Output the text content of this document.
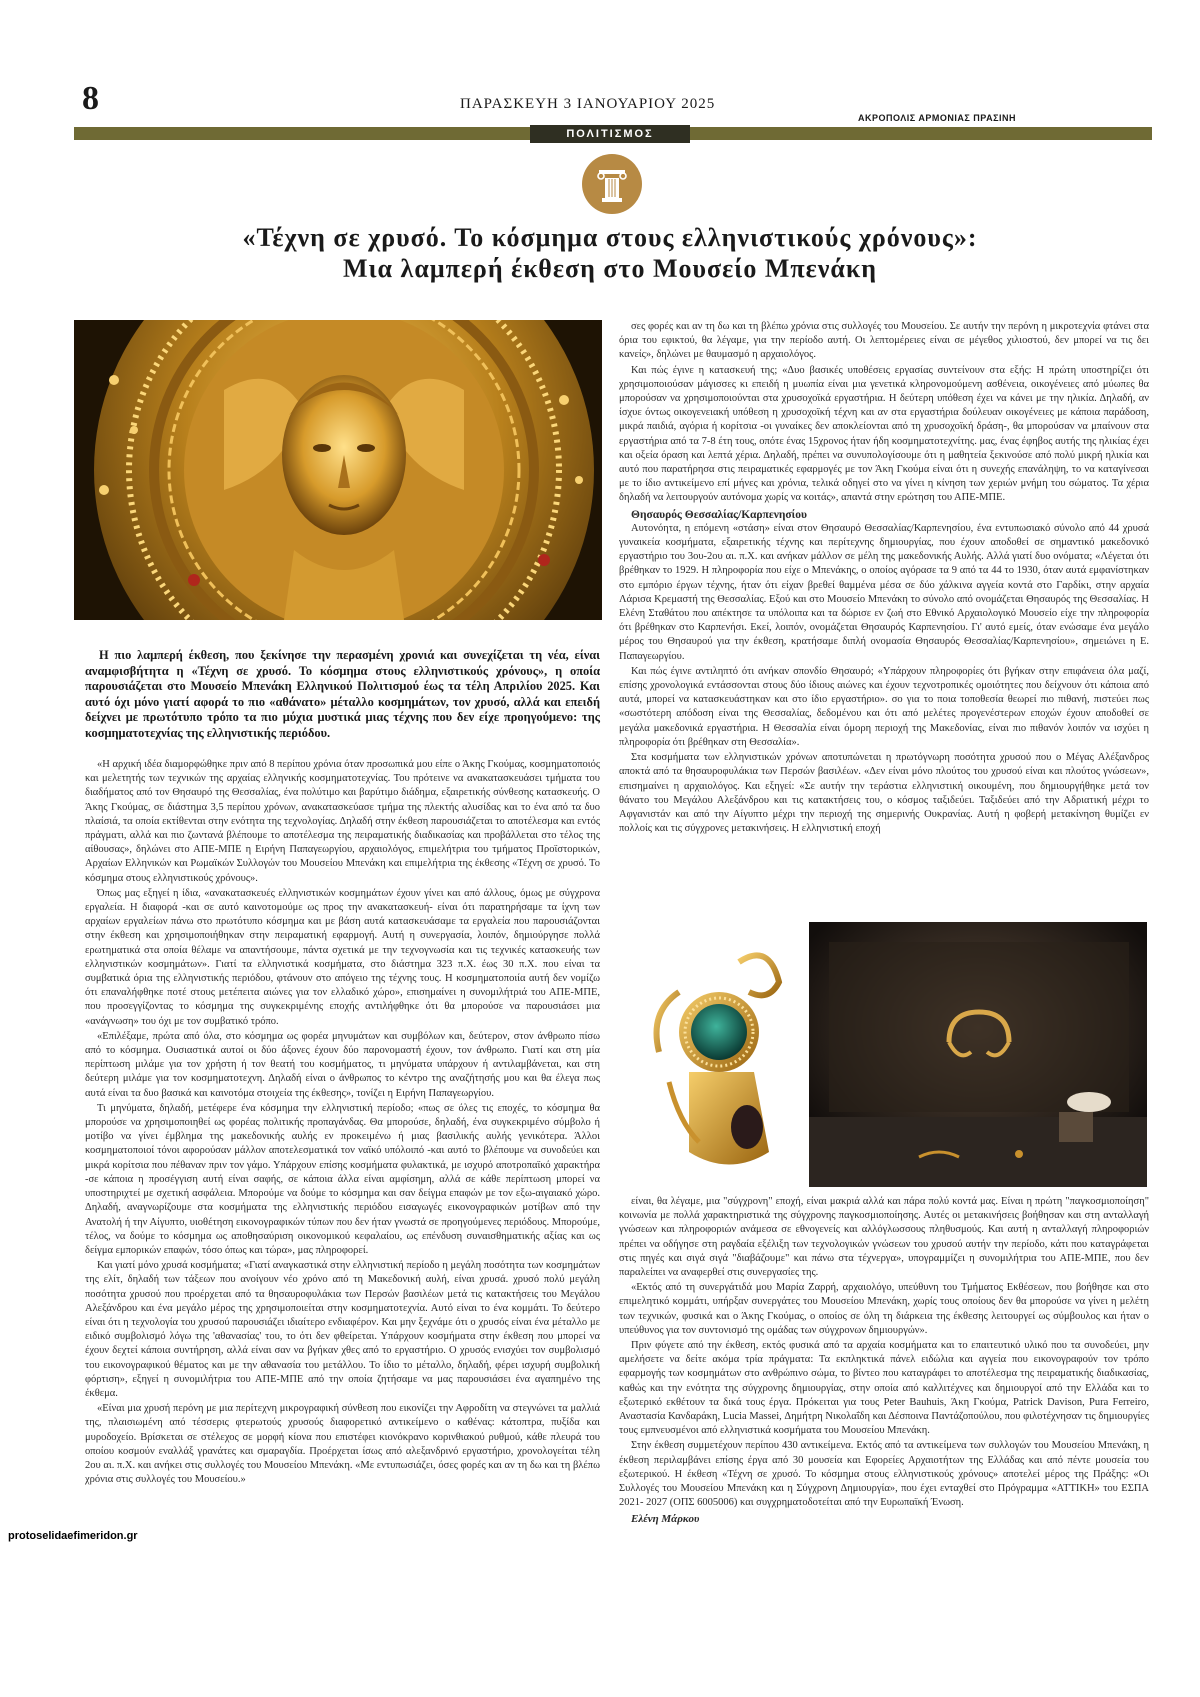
8	ΠΑΡΑΣΚΕΥΗ 3 ΙΑΝΟΥΑΡΙΟΥ 2025
ΑΚΡΟΠΟΛΙΣ ΑΡΜΟΝΙΑΣ ΠΡΑΣΙΝΗ
ΠΟΛΙΤΙΣΜΟΣ
«Τέχνη σε χρυσό. Το κόσμημα στους ελληνιστικούς χρόνους»:
Μια λαμπερή έκθεση στο Μουσείο Μπενάκη
Η πιο λαμπερή έκθεση, που ξεκίνησε την περασμένη χρονιά και συνεχίζεται τη νέα, είναι αναμφισβήτητα η «Τέχνη σε χρυσό. Το κόσμημα στους ελληνιστικούς χρόνους», η οποία παρουσιάζεται στο Μουσείο Μπενάκη Ελληνικού Πολιτισμού έως τα τέλη Απριλίου 2025. Και αυτό όχι μόνο γιατί αφορά το πιο «αθάνατο» μέταλλο κοσμημάτων, τον χρυσό, αλλά και επειδή δείχνει με πρωτότυπο τρόπο τα πιο μύχια μυστικά μιας τέχνης που δεν είχε προηγούμενο: της κοσμηματοτεχνίας της ελληνιστικής περιόδου.

«Η αρχική ιδέα διαμορφώθηκε πριν από 8 περίπου χρόνια όταν προσωπικά μου είπε ο Άκης Γκούμας, κοσμηματοποιός και μελετητής των τεχνικών της αρχαίας ελληνικής κοσμηματοτεχνίας. Του πρότεινε να ανακατασκευάσει τμήματα του διαδήματος από τον Θησαυρό της Θεσσαλίας, ένα πολύτιμο και βαρύτιμο διάδημα, εξαιρετικής σύνθεσης κατασκευής. Ο Άκης Γκούμας, σε διάστημα 3,5 περίπου χρόνων, ανακατασκεύασε τμήμα της πλεκτής αλυσίδας και το ένα από τα δυο πλαίσιά, τα οποία εκτίθενται στην ενότητα της τεχνολογίας. Δηλαδή στην έκθεση παρουσιάζεται το αποτέλεσμα και εντός πράγματι, αλλά και πιο ζωντανά βλέπουμε το αποτέλεσμα της πειραματικής διαδικασίας και προβάλλεται στο τέλος της αίθουσας», δηλώνει στο ΑΠΕ-ΜΠΕ η Ειρήνη Παπαγεωργίου, αρχαιολόγος, επιμελήτρια του τμήματος Προϊστορικών, Αρχαίων Ελληνικών και Ρωμαϊκών Συλλογών του Μουσείου Μπενάκη και επιμελήτρια της έκθεσης «Τέχνη σε χρυσό. Το κόσμημα στους ελληνιστικούς χρόνους».

Όπως μας εξηγεί η ίδια, «ανακατασκευές ελληνιστικών κοσμημάτων έχουν γίνει και από άλλους, όμως με σύγχρονα εργαλεία. Η διαφορά -και σε αυτό καινοτομούμε ως προς την ανακατασκευή- είναι ότι παρατηρήσαμε τα ίχνη των αρχαίων εργαλείων πάνω στο πρωτότυπο κόσμημα και με βάση αυτά κατασκευάσαμε τα εργαλεία που παρουσιάζονται στην έκθεση και χρησιμοποιήθηκαν στην πειραματική εφαρμογή. Αυτή η συνεργασία, λοιπόν, δημιούργησε πολλά ερωτηματικά στα οποία θέλαμε να απαντήσουμε, πάντα σχετικά με την τεχνογνωσία και τις τεχνικές κατασκευής των ελληνιστικών κοσμημάτων». Γιατί τα ελληνιστικά κοσμήματα, στο διάστημα 323 π.Χ. έως 30 π.Χ. που είναι τα συμβατικά όρια της ελληνιστικής περιόδου, φτάνουν στο απόγειο της τέχνης τους. Η κοσμηματοποιία αυτή δεν νομίζω ότι επαναλήφθηκε ποτέ στους μετέπειτα αιώνες για τον ελλαδικό χώρο», επισημαίνει η συνομιλήτριά του ΑΠΕ-ΜΠΕ, που προσεγγίζοντας το κόσμημα της συγκεκριμένης εποχής αντιλήφθηκε ότι θα μπορούσε να παρουσιάσει μια «ανάγνωση» του όχι με τον συμβατικό τρόπο.

«Επιλέξαμε, πρώτα από όλα, στο κόσμημα ως φορέα μηνυμάτων και συμβόλων και, δεύτερον, στον άνθρωπο πίσω από το κόσμημα. Ουσιαστικά αυτοί οι δύο άξονες έχουν δύο παρονομαστή έχουν, τον άνθρωπο. Γιατί και στη μία περίπτωση μιλάμε για τον χρήστη ή τον θεατή του κοσμήματος, τι μηνύματα υπάρχουν ή αντιλαμβάνεται, και στη δεύτερη μιλάμε για τον κοσμηματοτεχνη. Δηλαδή είναι ο άνθρωπος το κέντρο της αναζήτησής μου και θα έλεγα πως αυτά είναι τα δυο βασικά και καινοτόμα στοιχεία της έκθεσης», τονίζει η Ειρήνη Παπαγεωργίου.

Τι μηνύματα, δηλαδή, μετέφερε ένα κόσμημα την ελληνιστική περίοδο; «πως σε όλες τις εποχές, το κόσμημα θα μπορούσε να χρησιμοποιηθεί ως φορέας πολιτικής προπαγάνδας. Θα μπορούσε, δηλαδή, ένα συγκεκριμένο σύμβολο ή μοτίβο να γίνει έμβλημα της μακεδονικής αυλής εν προκειμένω ή μιας βασιλικής αυλής γενικότερα. Άλλοι κοσμηματοποιοί τόνοι αφορούσαν μάλλον αποτελεσματικά τον ναϊκό υπόλοιπό -και αυτό το βλέπουμε να συνοδεύει και μικρά κορίτσια που πέθαναν πριν τον γάμο. Υπάρχουν επίσης κοσμήματα φυλακτικά, με ισχυρό αποτροπαϊκό χαρακτήρα -σε κάποια η προσέγγιση αυτή είναι σαφής, σε κάποια άλλα είναι αμφίσημη, αλλά σε κάθε περίπτωση μπορεί να υποστηριχτεί με σχετική ασφάλεια. Μπορούμε να δούμε το κόσμημα και σαν δείγμα επαφών με τον εξω-αιγαιακό χώρο. Δηλαδή, αναγνωρίζουμε στα κοσμήματα της ελληνιστικής περιόδου εισαγωγές εικονογραφικών μοτίβων από την Ανατολή ή την Αίγυπτο, υιοθέτηση εικονογραφικών τύπων που δεν ήταν γνωστά σε προηγούμενες περιόδους. Μπορούμε, τέλος, να δούμε το κόσμημα ως αποθησαύριση οικονομικού κεφαλαίου, ως επένδυση συναισθηματικής αξίας και ως δείγμα εμπορικών επαφών, τόσο όπως και τώρα», μας πληροφορεί.

Και γιατί μόνο χρυσά κοσμήματα; «Γιατί αναγκαστικά στην ελληνιστική περίοδο η μεγάλη ποσότητα των κοσμημάτων της ελίτ, δηλαδή των τάξεων που ανοίγουν νέο χρόνο από τη Μακεδονική αυλή, είναι χρυσά. χρυσό πολύ μεγάλη ποσότητα χρυσού που προέρχεται από τα θησαυροφυλάκια των Περσών βασιλέων μετά τις κατακτήσεις του Μεγάλου Αλεξάνδρου και ένα μεγάλο μέρος της χρησιμοποιείται στην κοσμηματοτεχνία. Αυτό είναι το ένα κομμάτι. Το δεύτερο είναι ότι η τεχνολογία του χρυσού παρουσιάζει ιδιαίτερο ενδιαφέρον. Και μην ξεχνάμε ότι ο χρυσός είναι ένα μέταλλο με ειδικό συμβολισμό λόγω της 'αθανασίας' του, το ότι δεν φθείρεται. Υπάρχουν κοσμήματα στην έκθεση που μπορεί να έχουν δεχτεί κάποια συντήρηση, αλλά είναι σαν να βγήκαν χθες από το εργαστήριο. Ο χρυσός ενισχύει τον συμβολισμό του εικονογραφικού θέματος και με την αθανασία του μετάλλου. Το ίδιο το μέταλλο, δηλαδή, φέρει ισχυρή συμβολική φόρτιση», εξηγεί η συνομιλήτρια του ΑΠΕ-ΜΠΕ από την οποία ζητήσαμε να μας παρουσιάσει ένα αγαπημένο της έκθεμα.

«Είναι μια χρυσή περόνη με μια περίτεχνη μικρογραφική σύνθεση που εικονίζει την Αφροδίτη να στεγνώνει τα μαλλιά της, πλαισιωμένη από τέσσερις φτερωτούς χρυσούς διαφορετικό αντικείμενο ο καθένας: κάτοπτρα, πυξίδα και μυροδοχείο. Βρίσκεται σε στέλεχος σε μορφή κίονα που επιστέφει κιονόκρανο κορινθιακού ρυθμού, κάθε πλευρά του οποίου κοσμούν εναλλάξ γρανάτες και σμαραγδία. Προέρχεται ίσως από αλεξανδρινό εργαστήριο, χρονολογείται τέλη 2ου αι. π.Χ. και ανήκει στις συλλογές του Μουσείου Μπενάκη. «Με εντυπωσιάζει, όσες φορές και αν τη δω και τη βλέπω χρόνια στις συλλογές του Μουσείου.»

σες φορές και αν τη δω και τη βλέπω χρόνια στις συλλογές του Μουσείου. Σε αυτήν την περόνη η μικροτεχνία φτάνει στα όρια του εφικτού, θα λέγαμε, για την περίοδο αυτή. Οι λεπτομέρειες είναι σε μέγεθος χιλιοστού, δεν μπορεί να τις δει κανείς», δηλώνει με θαυμασμό η αρχαιολόγος.

Και πώς έγινε η κατασκευή της; «Δυο βασικές υποθέσεις εργασίας συντείνουν στα εξής: Η πρώτη υποστηρίζει ότι χρησιμοποιούσαν μάγισσες κι επειδή η μυωπία είναι μια γενετικά κληρονομούμενη ασθένεια, οικογένειες από μύωπες θα μπορούσαν να χρησιμοποιούνται στα χρυσοχοϊκά εργαστήρια. Η δεύτερη υπόθεση έχει να κάνει με την ηλικία. Δηλαδή, αν ίσχυε όντως οικογενειακή υπόθεση η χρυσοχοϊκή τέχνη και αν στα εργαστήρια δούλευαν οικογένειες με κάποια παράδοση, μικρά παιδιά, αγόρια ή κορίτσια -οι γυναίκες δεν αποκλείονται από τη χρυσοχοϊκή δράση-, θα μπορούσαν να μπαίνουν στα εργαστήρια από τα 7-8 έτη τους, οπότε ένας 15χρονος ήταν ήδη κοσμηματοτεχνίτης. μας, ένας έφηβος αυτής της ηλικίας έχει και οξεία όραση και λεπτά χέρια. Δηλαδή, πρέπει να συνυπολογίσουμε ότι η μαθητεία ξεκινούσε από πολύ μικρή ηλικία και αυτό που παρατήρησα στις πειραματικές εφαρμογές με τον Άκη Γκούμα είναι ότι η συνεχής επανάληψη, το να καταγίνεσαι με το ίδιο αντικείμενο επί μήνες και χρόνια, τελικά οδηγεί στο να γίνει η κίνηση των χεριών μνήμη του σώματος. Τα χέρια δηλαδή να λειτουργούν αυτόνομα χωρίς να κοιτάς», απαντά στην ερώτηση του ΑΠΕ-ΜΠΕ.

Θησαυρός Θεσσαλίας/Καρπενησίου

Αυτονόητα, η επόμενη «στάση» είναι στον Θησαυρό Θεσσαλίας/Καρπενησίου, ένα εντυπωσιακό σύνολο από 44 χρυσά γυναικεία κοσμήματα, εξαιρετικής τέχνης και περίτεχνης δημιουργίας, που έχουν αποδοθεί σε σημαντικό μακεδονικό εργαστήριο του 3ου-2ου αι. π.Χ. και ανήκαν μάλλον σε μέλη της μακεδονικής Αυλής. Αλλά γιατί δυο ονόματα; «Λέγεται ότι βρέθηκαν το 1929. Η πληροφορία που είχε ο Μπενάκης, ο οποίος αγόρασε τα 9 από τα 44 το 1930, όταν αυτά εμφανίστηκαν στο εμπόριο έργων τέχνης, ήταν ότι είχαν βρεθεί θαμμένα μέσα σε δύο χάλκινα αγγεία κοντά στο Γαρδίκι, στην αρχαία Λάρισα Κρεμαστή της Θεσσαλίας. Εξού και στο Μουσείο Μπενάκη το σύνολο από ονομάζεται Θησαυρός της Θεσσαλίας. Η Ελένη Σταθάτου που απέκτησε τα υπόλοιπα και τα δώρισε εν ζωή στο Εθνικό Αρχαιολογικό Μουσείο είχε την πληροφορία ότι βρέθηκαν στο Καρπενήσι. Εκεί, λοιπόν, ονομάζεται Θησαυρός Καρπενησίου. Γι' αυτό εμείς, όταν ενώσαμε ένα μεγάλο μέρος του Θησαυρού για την έκθεση, κρατήσαμε διπλή ονομασία Θησαυρός Θεσσαλίας/Καρπενησίου», σημειώνει η Ε. Παπαγεωργίου.

Και πώς έγινε αντιληπτό ότι ανήκαν σπονδίο Θησαυρό; «Υπάρχουν πληροφορίες ότι βγήκαν στην επιφάνεια όλα μαζί, επίσης χρονολογικά εντάσσονται στους δύο ίδιους αιώνες και έχουν τεχνοτροπικές ομοιότητες που δείχνουν ότι κάποια από αυτά, μπορεί να κατασκευάστηκαν και στο ίδιο εργαστήριο». σο για το ποια τοποθεσία θεωρεί πιο πιθανή, πιστεύει πως «σωστότερη απόδοση είναι της Θεσσαλίας, δεδομένου και ότι από μελέτες προγενέστερων εποχών έχουν αποδοθεί σε μεγάλα μακεδονικά εργαστήρια. Η Θεσσαλία είναι όμορη περιοχή της Μακεδονίας, είναι πιο πιθανόν λοιπόν να ισχύει η πληροφορία ότι βρέθηκαν στη Θεσσαλία».

Στα κοσμήματα των ελληνιστικών χρόνων αποτυπώνεται η πρωτόγνωρη ποσότητα χρυσού που ο Μέγας Αλέξανδρος αποκτά από τα θησαυροφυλάκια των Περσών βασιλέων. «Δεν είναι μόνο πλούτος του χρυσού είναι και πλούτος γνώσεων», επισημαίνει η αρχαιολόγος. Και εξηγεί: «Σε αυτήν την τεράστια ελληνιστική οικουμένη, που δημιουργήθηκε μετά τον θάνατο του Μεγάλου Αλεξάνδρου και τις κατακτήσεις του, ο κόσμος ταξιδεύει. Ταξιδεύει από την Αδριατική μέχρι το Αφγανιστάν και από την Αίγυπτο μέχρι την περιοχή της σημερινής Ουκρανίας. Αυτή η φοβερή μετακίνηση θυμίζει εν πολλοίς και τις σύγχρονες μετακινήσεις. Η ελληνιστική εποχή

είναι, θα λέγαμε, μια "σύγχρονη" εποχή, είναι μακριά αλλά και πάρα πολύ κοντά μας. Είναι η πρώτη "παγκοσμιοποίηση" κοινωνία με πολλά χαρακτηριστικά της σύγχρονης παγκοσμιοποίησης. Αυτές οι μετακινήσεις βοήθησαν και στη ανταλλαγή γνώσεων και πληροφοριών ανάμεσα σε εθνογενείς και αλλόγλωσσους πληθυσμούς. Και αυτή η ανταλλαγή πληροφοριών πρέπει να οδήγησε στη ραγδαία εξέλιξη των τεχνολογικών γνώσεων του χρυσού αυτήν την περίοδο, κάτι που καταγράφεται στις πηγές και σιγά σιγά "διαβάζουμε" και πάνω στα τέχνεργα», υπογραμμίζει η συνομιλήτρια του ΑΠΕ-ΜΠΕ, που δεν παραλείπει να αναφερθεί στις συνεργασίες της.

«Εκτός από τη συνεργάτιδά μου Μαρία Ζαρρή, αρχαιολόγο, υπεύθυνη του Τμήματος Εκθέσεων, που βοήθησε και στο επιμελητικό κομμάτι, υπήρξαν συνεργάτες του Μουσείου Μπενάκη, χωρίς τους οποίους δεν θα μπορούσε να γίνει η μελέτη των τεχνικών, φυσικά και ο Άκης Γκούμας, ο οποίος σε όλη τη διάρκεια της έκθεσης λειτουργεί ως σύμβουλος και ήταν ο υπεύθυνος για τον συντονισμό της ομάδας των σύγχρονων δημιουργών».

Πριν φύγετε από την έκθεση, εκτός φυσικά από τα αρχαία κοσμήματα και το επαιτευτικό υλικό που τα συνοδεύει, μην αμελήσετε να δείτε ακόμα τρία πράγματα: Τα εκπληκτικά πάνελ ειδώλια και αγγεία που εικονογραφούν τον τρόπο εφαρμογής των κοσμημάτων στο ανθρώπινο σώμα, το βίντεο που καταγράφει το αποτέλεσμα της πειραματικής διαδικασίας, καθώς και την ενότητα της σύγχρονης δημιουργίας, στην οποία από καλλιτέχνες και δημιουργοί από την Ελλάδα και το εξωτερικό εκθέτουν τα δικά τους έργα. Πρόκειται για τους Peter Bauhuis, Άκη Γκούμα, Patrick Davison, Pura Ferreiro, Αναστασία Κανδαράκη, Lucia Massei, Δημήτρη Νικολαΐδη και Δέσποινα Παντάζοπούλου, που φιλοτέχνησαν τις δημιουργίες τους εμπνευσμένοι από ελληνιστικά κοσμήματα του Μουσείου Μπενάκη.

Στην έκθεση συμμετέχουν περίπου 430 αντικείμενα. Εκτός από τα αντικείμενα των συλλογών του Μουσείου Μπενάκη, η έκθεση περιλαμβάνει επίσης έργα από 30 μουσεία και Εφορείες Αρχαιοτήτων της Ελλάδας και από πέντε μουσεία του εξωτερικού. Η έκθεση «Τέχνη σε χρυσό. Το κόσμημα στους ελληνιστικούς χρόνους» αποτελεί μέρος της Πράξης: «Οι Συλλογές του Μουσείου Μπενάκη και η Σύγχρονη Δημιουργία», που έχει ενταχθεί στο Πρόγραμμα «ΑΤΤΙΚΗ» του ΕΣΠΑ 2021- 2027 (ΟΠΣ 6005006) και συγχρηματοδοτείται από την Ευρωπαϊκή Ένωση.

Ελένη Μάρκου
protoselidaefimeridon.gr
